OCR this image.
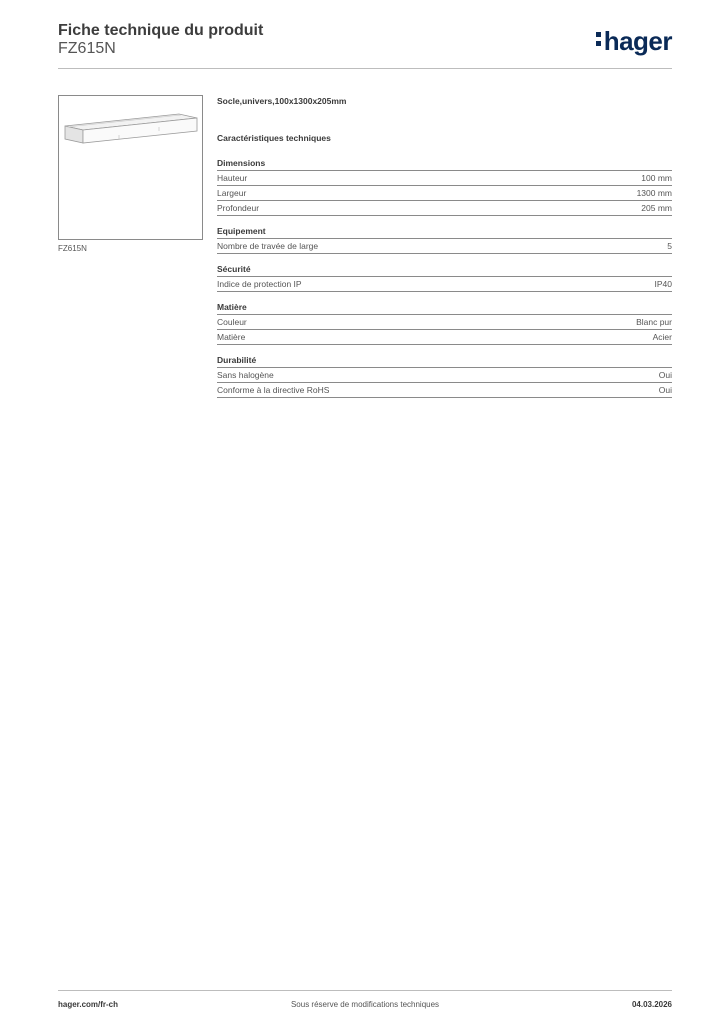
Fiche technique du produit
FZ615N	hager
FZ615N
Socle,univers,100x1300x205mm
Caractéristiques techniques
Dimensions
Hauteur	100 mm
Largeur	1300 mm
Profondeur	205 mm
Equipement
Nombre de travée de large	5
Sécurité
Indice de protection IP	IP40
Matière
Couleur	Blanc pur
Matière	Acier
Durabilité
Sans halogène	Oui
Conforme à la directive RoHS	Oui
hager.com/fr-ch	Sous réserve de modifications techniques	04.03.2026
